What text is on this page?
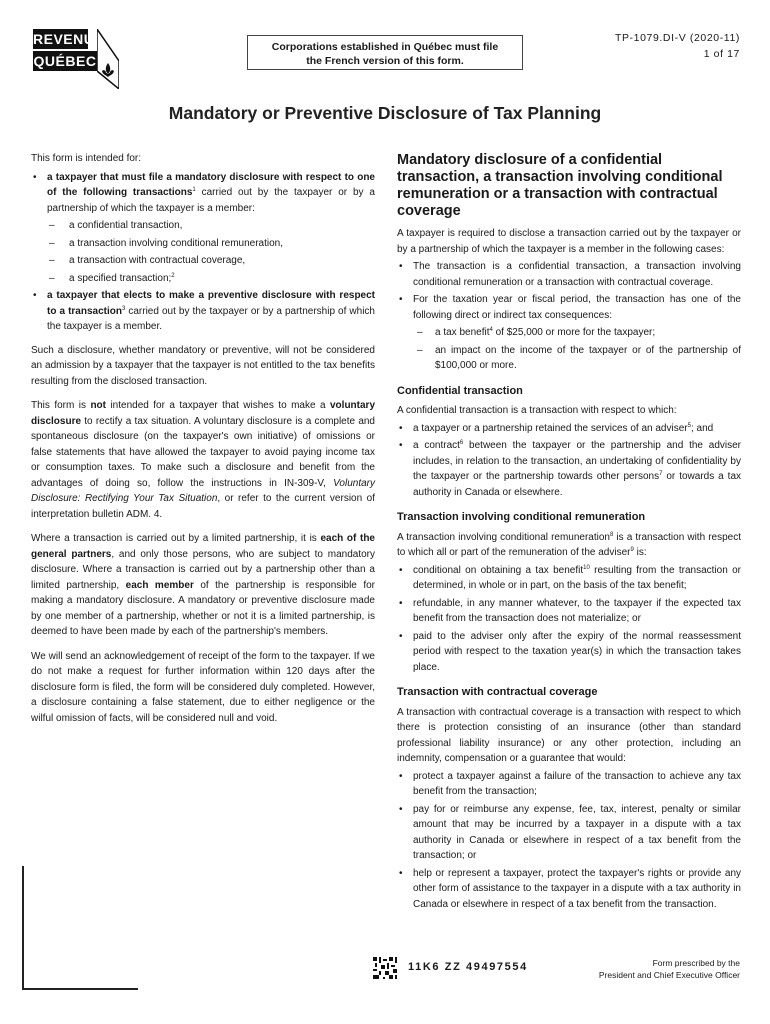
REVENU
QUÉBEC
Corporations established in Québec must file
the French version of this form.
TP-1079.DI-V (2020-11)
1 of 17
Mandatory or Preventive Disclosure of Tax Planning

This form is intended for:

• a taxpayer that must file a mandatory disclosure with respect to one of the following transactions$^1$ carried out by the taxpayer or by a partnership of which the taxpayer is a member:
– a confidential transaction,
– a transaction involving conditional remuneration,
– a transaction with contractual coverage,
– a specified transaction;$^2$
• a taxpayer that elects to make a preventive disclosure with respect to a transaction$^3$ carried out by the taxpayer or by a partnership of which the taxpayer is a member.

Such a disclosure, whether mandatory or preventive, will not be considered an admission by a taxpayer that the taxpayer is not entitled to the tax benefits resulting from the disclosed transaction.

This form is not intended for a taxpayer that wishes to make a voluntary disclosure to rectify a tax situation. A voluntary disclosure is a complete and spontaneous disclosure (on the taxpayer's own initiative) of omissions or false statements that have allowed the taxpayer to avoid paying income tax or consumption taxes. To make such a disclosure and benefit from the advantages of doing so, follow the instructions in IN-309-V, Voluntary Disclosure: Rectifying Your Tax Situation, or refer to the current version of interpretation bulletin ADM. 4.

Where a transaction is carried out by a limited partnership, it is each of the general partners, and only those persons, who are subject to mandatory disclosure. Where a transaction is carried out by a partnership other than a limited partnership, each member of the partnership is responsible for making a mandatory disclosure. A mandatory or preventive disclosure made by one member of a partnership, whether or not it is a limited partnership, is deemed to have been made by each of the partnership's members.

We will send an acknowledgement of receipt of the form to the taxpayer. If we do not make a request for further information within 120 days after the disclosure form is filed, the form will be considered duly completed. However, a disclosure containing a false statement, due to either negligence or the wilful omission of facts, will be considered null and void.

Mandatory disclosure of a confidential transaction, a transaction involving conditional remuneration or a transaction with contractual coverage

A taxpayer is required to disclose a transaction carried out by the taxpayer or by a partnership of which the taxpayer is a member in the following cases:

• The transaction is a confidential transaction, a transaction involving conditional remuneration or a transaction with contractual coverage.
• For the taxation year or fiscal period, the transaction has one of the following direct or indirect tax consequences:
– a tax benefit$^4$ of $25,000 or more for the taxpayer;
– an impact on the income of the taxpayer or of the partnership of $100,000 or more.
Confidential transaction

A confidential transaction is a transaction with respect to which:

• a taxpayer or a partnership retained the services of an adviser$^5$; and
• a contract$^6$ between the taxpayer or the partnership and the adviser includes, in relation to the transaction, an undertaking of confidentiality by the taxpayer or the partnership towards other persons$^7$ or towards a tax authority in Canada or elsewhere.
Transaction involving conditional remuneration

A transaction involving conditional remuneration$^8$ is a transaction with respect to which all or part of the remuneration of the adviser$^9$ is:

• conditional on obtaining a tax benefit$^{10}$ resulting from the transaction or determined, in whole or in part, on the basis of the tax benefit;
• refundable, in any manner whatever, to the taxpayer if the expected tax benefit from the transaction does not materialize; or
• paid to the adviser only after the expiry of the normal reassessment period with respect to the taxation year(s) in which the transaction takes place.
Transaction with contractual coverage

A transaction with contractual coverage is a transaction with respect to which there is protection consisting of an insurance (other than standard professional liability insurance) or any other protection, including an indemnity, compensation or a guarantee that would:

• protect a taxpayer against a failure of the transaction to achieve any tax benefit from the transaction;
• pay for or reimburse any expense, fee, tax, interest, penalty or similar amount that may be incurred by a taxpayer in a dispute with a tax authority in Canada or elsewhere in respect of a tax benefit from the transaction; or
• help or represent a taxpayer, protect the taxpayer's rights or provide any other form of assistance to the taxpayer in a dispute with a tax authority in Canada or elsewhere in respect of a tax benefit from the transaction.
11K6 ZZ 49497554	Form prescribed by the
President and Chief Executive Officer
